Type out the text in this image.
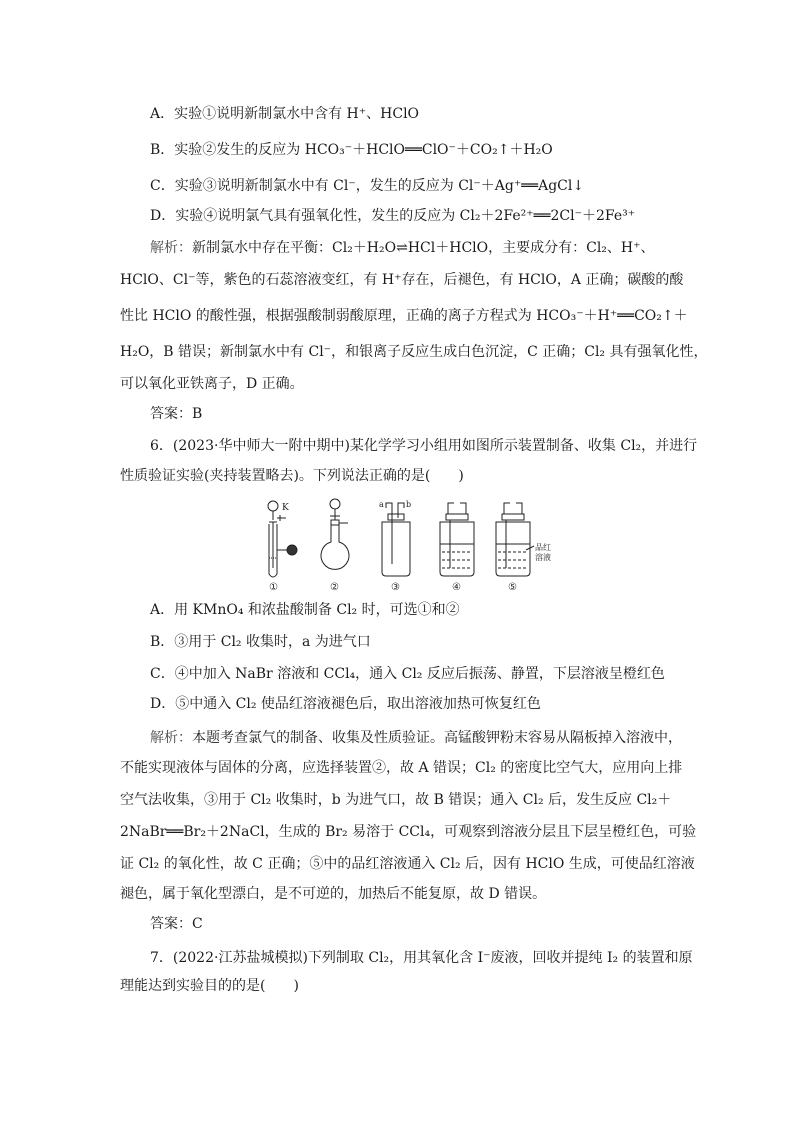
A．实验①说明新制氯水中含有 H⁺、HClO
B．实验②发生的反应为 HCO₃⁻＋HClO══ClO⁻＋CO₂↑＋H₂O
C．实验③说明新制氯水中有 Cl⁻，发生的反应为 Cl⁻＋Ag⁺══AgCl↓
D．实验④说明氯气具有强氧化性，发生的反应为 Cl₂＋2Fe²⁺══2Cl⁻＋2Fe³⁺
解析：新制氯水中存在平衡：Cl₂＋H₂O⇌HCl＋HClO，主要成分有：Cl₂、H⁺、
HClO、Cl⁻等，紫色的石蕊溶液变红，有 H⁺存在，后褪色，有 HClO，A 正确；碳酸的酸
性比 HClO 的酸性强，根据强酸制弱酸原理，正确的离子方程式为 HCO₃⁻＋H⁺══CO₂↑＋
H₂O，B 错误；新制氯水中有 Cl⁻，和银离子反应生成白色沉淀，C 正确；Cl₂ 具有强氧化性，
可以氧化亚铁离子，D 正确。
答案：B
6．(2023·华中师大一附中期中)某化学学习小组用如图所示装置制备、收集 Cl₂，并进行
性质验证实验(夹持装置略去)。下列说法正确的是(　　)
K	a	b
品红
溶液
①	②	③	④	⑤
A．用 KMnO₄ 和浓盐酸制备 Cl₂ 时，可选①和②
B．③用于 Cl₂ 收集时，a 为进气口
C．④中加入 NaBr 溶液和 CCl₄，通入 Cl₂ 反应后振荡、静置，下层溶液呈橙红色
D．⑤中通入 Cl₂ 使品红溶液褪色后，取出溶液加热可恢复红色
解析：本题考查氯气的制备、收集及性质验证。高锰酸钾粉末容易从隔板掉入溶液中，
不能实现液体与固体的分离，应选择装置②，故 A 错误；Cl₂ 的密度比空气大，应用向上排
空气法收集，③用于 Cl₂ 收集时，b 为进气口，故 B 错误；通入 Cl₂ 后，发生反应 Cl₂＋
2NaBr══Br₂＋2NaCl，生成的 Br₂ 易溶于 CCl₄，可观察到溶液分层且下层呈橙红色，可验
证 Cl₂ 的氧化性，故 C 正确；⑤中的品红溶液通入 Cl₂ 后，因有 HClO 生成，可使品红溶液
褪色，属于氧化型漂白，是不可逆的，加热后不能复原，故 D 错误。
答案：C
7．(2022·江苏盐城模拟)下列制取 Cl₂，用其氧化含 I⁻废液，回收并提纯 I₂ 的装置和原
理能达到实验目的的是(　　)
